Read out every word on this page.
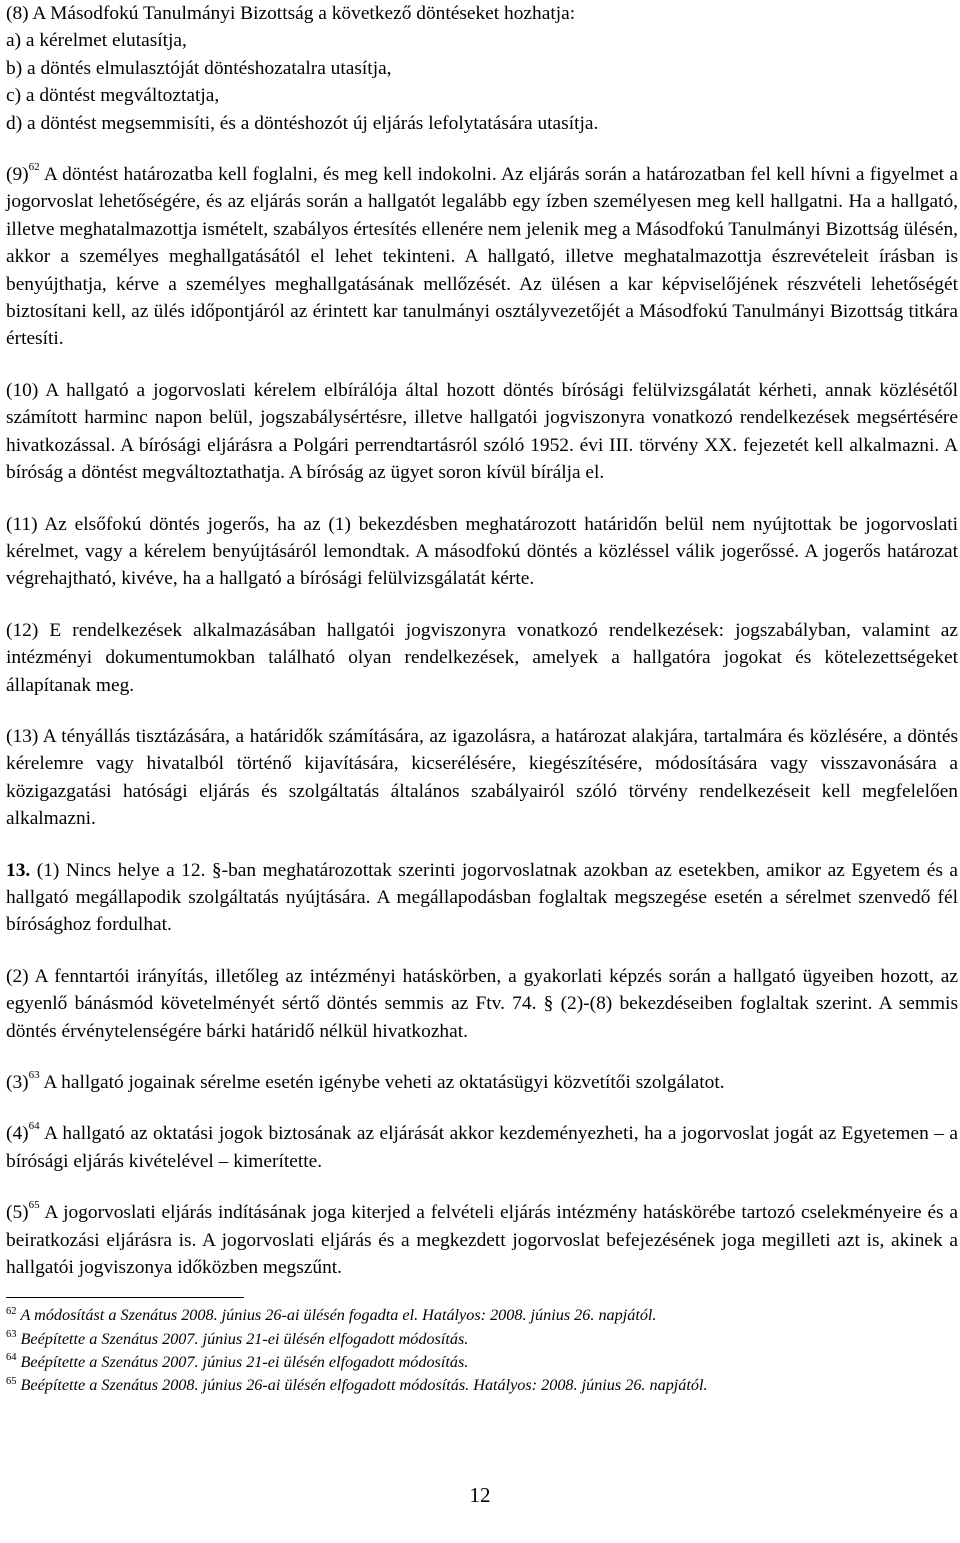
(8) A Másodfokú Tanulmányi Bizottság a következő döntéseket hozhatja:

a) a kérelmet elutasítja,

b) a döntés elmulasztóját döntéshozatalra utasítja,

c) a döntést megváltoztatja,

d) a döntést megsemmisíti, és a döntéshozót új eljárás lefolytatására utasítja.

(9)$^{62}$ A döntést határozatba kell foglalni, és meg kell indokolni. Az eljárás során a határozatban fel kell hívni a figyelmet a jogorvoslat lehetőségére, és az eljárás során a hallgatót legalább egy ízben személyesen meg kell hallgatni. Ha a hallgató, illetve meghatalmazottja ismételt, szabályos értesítés ellenére nem jelenik meg a Másodfokú Tanulmányi Bizottság ülésén, akkor a személyes meghallgatásától el lehet tekinteni. A hallgató, illetve meghatalmazottja észrevételeit írásban is benyújthatja, kérve a személyes meghallgatásának mellőzését. Az ülésen a kar képviselőjének részvételi lehetőségét biztosítani kell, az ülés időpontjáról az érintett kar tanulmányi osztályvezetőjét a Másodfokú Tanulmányi Bizottság titkára értesíti.

(10) A hallgató a jogorvoslati kérelem elbírálója által hozott döntés bírósági felülvizsgálatát kérheti, annak közlésétől számított harminc napon belül, jogszabálysértésre, illetve hallgatói jogviszonyra vonatkozó rendelkezések megsértésére hivatkozással. A bírósági eljárásra a Polgári perrendtartásról szóló 1952. évi III. törvény XX. fejezetét kell alkalmazni. A bíróság a döntést megváltoztathatja. A bíróság az ügyet soron kívül bírálja el.

(11) Az elsőfokú döntés jogerős, ha az (1) bekezdésben meghatározott határidőn belül nem nyújtottak be jogorvoslati kérelmet, vagy a kérelem benyújtásáról lemondtak. A másodfokú döntés a közléssel válik jogerőssé. A jogerős határozat végrehajtható, kivéve, ha a hallgató a bírósági felülvizsgálatát kérte.

(12) E rendelkezések alkalmazásában hallgatói jogviszonyra vonatkozó rendelkezések: jogszabályban, valamint az intézményi dokumentumokban található olyan rendelkezések, amelyek a hallgatóra jogokat és kötelezettségeket állapítanak meg.

(13) A tényállás tisztázására, a határidők számítására, az igazolásra, a határozat alakjára, tartalmára és közlésére, a döntés kérelemre vagy hivatalból történő kijavítására, kicserélésére, kiegészítésére, módosítására vagy visszavonására a közigazgatási hatósági eljárás és szolgáltatás általános szabályairól szóló törvény rendelkezéseit kell megfelelően alkalmazni.

13. (1) Nincs helye a 12. §-ban meghatározottak szerinti jogorvoslatnak azokban az esetekben, amikor az Egyetem és a hallgató megállapodik szolgáltatás nyújtására. A megállapodásban foglaltak megszegése esetén a sérelmet szenvedő fél bírósághoz fordulhat.

(2) A fenntartói irányítás, illetőleg az intézményi hatáskörben, a gyakorlati képzés során a hallgató ügyeiben hozott, az egyenlő bánásmód követelményét sértő döntés semmis az Ftv. 74. § (2)-(8) bekezdéseiben foglaltak szerint. A semmis döntés érvénytelenségére bárki határidő nélkül hivatkozhat.

(3)$^{63}$ A hallgató jogainak sérelme esetén igénybe veheti az oktatásügyi közvetítői szolgálatot.

(4)$^{64}$ A hallgató az oktatási jogok biztosának az eljárását akkor kezdeményezheti, ha a jogorvoslat jogát az Egyetemen – a bírósági eljárás kivételével – kimerítette.

(5)$^{65}$ A jogorvoslati eljárás indításának joga kiterjed a felvételi eljárás intézmény hatáskörébe tartozó cselekményeire és a beiratkozási eljárásra is. A jogorvoslati eljárás és a megkezdett jogorvoslat befejezésének joga megilleti azt is, akinek a hallgatói jogviszonya időközben megszűnt.

$^{62}$ A módosítást a Szenátus 2008. június 26-ai ülésén fogadta el. Hatályos: 2008. június 26. napjától.

$^{63}$ Beépítette a Szenátus 2007. június 21-ei ülésén elfogadott módosítás.

$^{64}$ Beépítette a Szenátus 2007. június 21-ei ülésén elfogadott módosítás.

$^{65}$ Beépítette a Szenátus 2008. június 26-ai ülésén elfogadott módosítás. Hatályos: 2008. június 26. napjától.

12
